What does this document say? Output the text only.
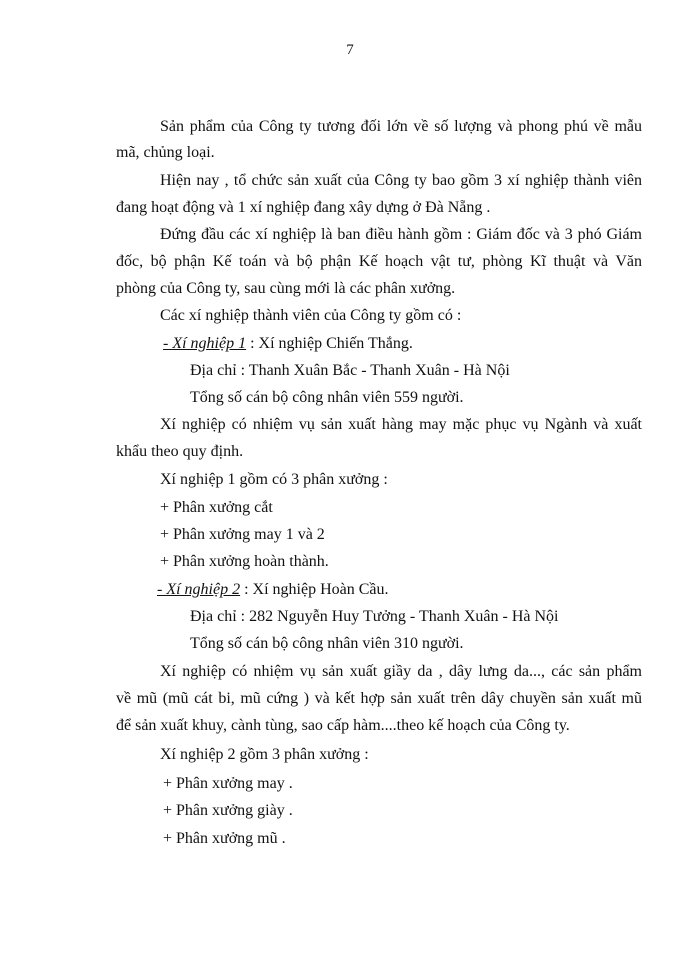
7
Sản phẩm của Công ty tương đối lớn về số lượng và phong phú về mẫu
mã, chủng loại.
Hiện nay , tổ chức sản xuất của Công ty bao gồm 3 xí nghiệp thành viên
đang hoạt động và 1 xí nghiệp đang xây dựng ở Đà Nẵng .
Đứng đầu các xí nghiệp là ban điều hành gồm : Giám đốc và 3 phó Giám
đốc, bộ phận Kế toán và bộ phận Kế hoạch vật tư, phòng Kĩ thuật và Văn
phòng của Công ty, sau cùng mới là các phân xưởng.
Các xí nghiệp thành viên của Công ty gồm có :
- Xí nghiệp 1 : Xí nghiệp Chiến Thắng.
Địa chỉ : Thanh Xuân Bắc - Thanh Xuân - Hà Nội
Tổng số cán bộ công nhân viên 559 người.
Xí nghiệp có nhiệm vụ sản xuất hàng may mặc phục vụ Ngành và xuất
khẩu theo quy định.
Xí nghiệp 1 gồm có 3 phân xưởng :
+ Phân xưởng cắt
+ Phân xưởng may 1 và 2
+ Phân xưởng hoàn thành.
- Xí nghiệp 2 : Xí nghiệp Hoàn Cầu.
Địa chỉ : 282 Nguyễn Huy Tưởng - Thanh Xuân - Hà Nội
Tổng số cán bộ công nhân viên 310 người.
Xí nghiệp có nhiệm vụ sản xuất giầy da , dây lưng da..., các sản phẩm
về mũ (mũ cát bi, mũ cứng ) và kết hợp sản xuất trên dây chuyền sản xuất mũ
để sản xuất khuy, cành tùng, sao cấp hàm....theo kế hoạch của Công ty.
Xí nghiệp 2 gồm 3 phân xưởng :
+ Phân xưởng may .
+ Phân xưởng giày .
+ Phân xưởng mũ .
